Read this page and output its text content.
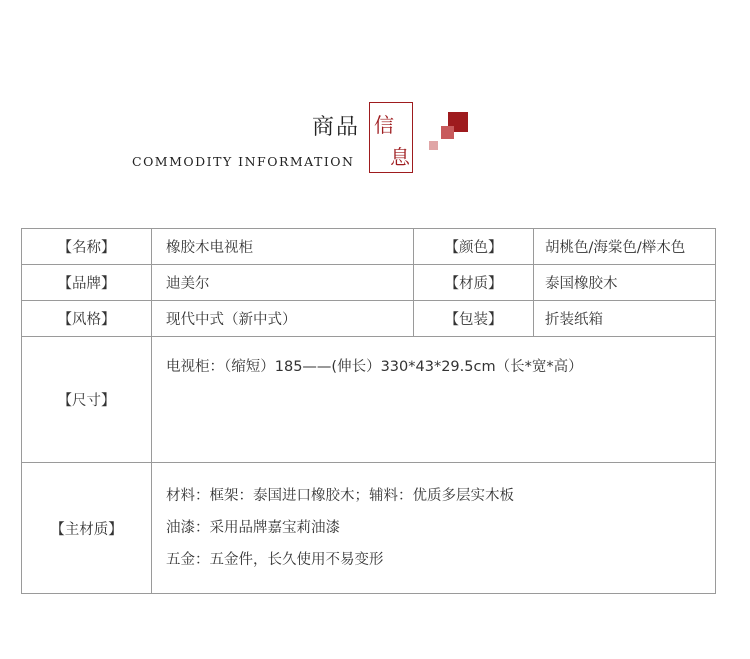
商品 信
息
COMMODITY INFORMATION
【名称】	橡胶木电视柜	【颜色】	胡桃色/海棠色/榉木色
【品牌】	迪美尔	【材质】	泰国橡胶木
【风格】	现代中式（新中式）	【包装】	折装纸箱
【尺寸】	电视柜：（缩短）185——(伸长）330*43*29.5cm（长*宽*高）		
【主材质】	材料：框架：泰国进口橡胶木；辅料：优质多层实木板
油漆：采用品牌嘉宝莉油漆
五金：五金件，长久使用不易变形		
